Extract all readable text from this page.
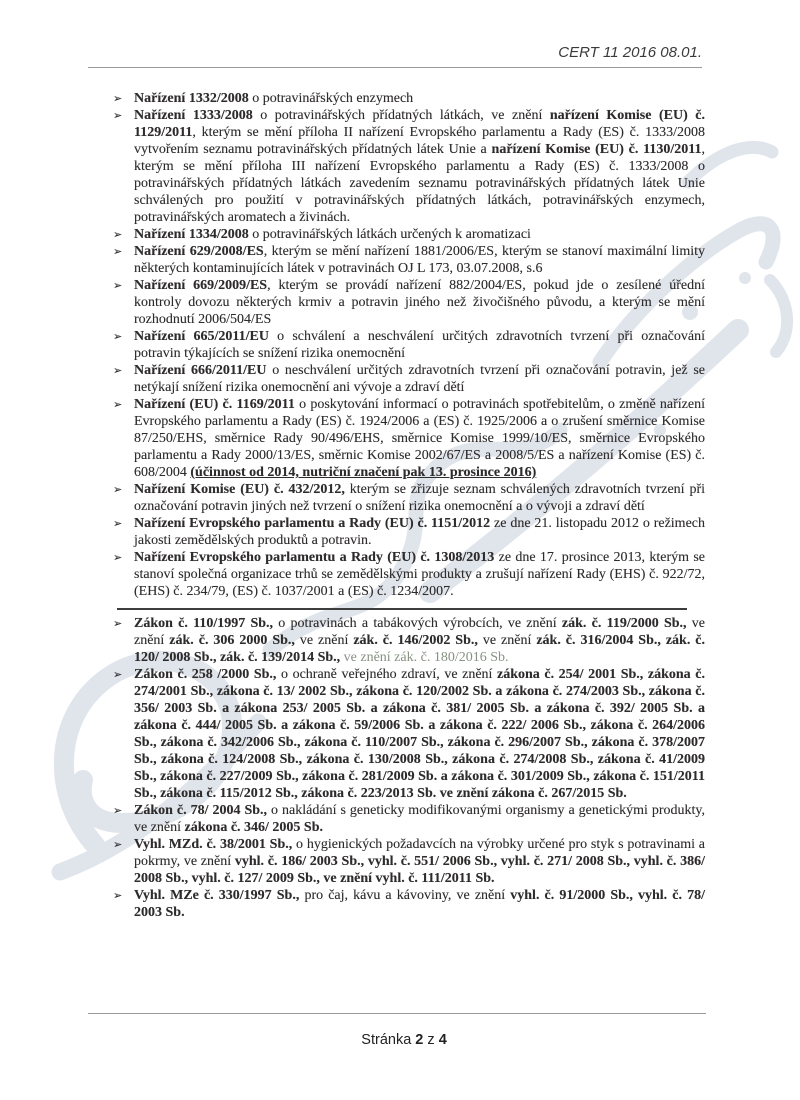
CERT 11 2016 08.01.
➢ Nařízení 1332/2008 o potravinářských enzymech
➢ Nařízení 1333/2008 o potravinářských přídatných látkách, ve znění nařízení Komise (EU) č. 1129/2011, kterým se mění příloha II nařízení Evropského parlamentu a Rady (ES) č. 1333/2008 vytvořením seznamu potravinářských přídatných látek Unie a nařízení Komise (EU) č. 1130/2011, kterým se mění příloha III nařízení Evropského parlamentu a Rady (ES) č. 1333/2008 o potravinářských přídatných látkách zavedením seznamu potravinářských přídatných látek Unie schválených pro použití v potravinářských přídatných látkách, potravinářských enzymech, potravinářských aromatech a živinách.
➢ Nařízení 1334/2008 o potravinářských látkách určených k aromatizaci
➢ Nařízení 629/2008/ES, kterým se mění nařízení 1881/2006/ES, kterým se stanoví maximální limity některých kontaminujících látek v potravinách OJ L 173, 03.07.2008, s.6
➢ Nařízení 669/2009/ES, kterým se provádí nařízení 882/2004/ES, pokud jde o zesílené úřední kontroly dovozu některých krmiv a potravin jiného než živočišného původu, a kterým se mění rozhodnutí 2006/504/ES
➢ Nařízení 665/2011/EU o schválení a neschválení určitých zdravotních tvrzení při označování potravin týkajících se snížení rizika onemocnění
➢ Nařízení 666/2011/EU o neschválení určitých zdravotních tvrzení při označování potravin, jež se netýkají snížení rizika onemocnění ani vývoje a zdraví dětí
➢ Nařízení (EU) č. 1169/2011 o poskytování informací o potravinách spotřebitelům, o změně nařízení Evropského parlamentu a Rady (ES) č. 1924/2006 a (ES) č. 1925/2006 a o zrušení směrnice Komise 87/250/EHS, směrnice Rady 90/496/EHS, směrnice Komise 1999/10/ES, směrnice Evropského parlamentu a Rady 2000/13/ES, směrnic Komise 2002/67/ES a 2008/5/ES a nařízení Komise (ES) č. 608/2004 (účinnost od 2014, nutriční značení pak 13. prosince 2016)
➢ Nařízení Komise (EU) č. 432/2012, kterým se zřizuje seznam schválených zdravotních tvrzení při označování potravin jiných než tvrzení o snížení rizika onemocnění a o vývoji a zdraví dětí
➢ Nařízení Evropského parlamentu a Rady (EU) č. 1151/2012 ze dne 21. listopadu 2012 o režimech jakosti zemědělských produktů a potravin.
➢ Nařízení Evropského parlamentu a Rady (EU) č. 1308/2013 ze dne 17. prosince 2013, kterým se stanoví společná organizace trhů se zemědělskými produkty a zrušují nařízení Rady (EHS) č. 922/72, (EHS) č. 234/79, (ES) č. 1037/2001 a (ES) č. 1234/2007.
➢ Zákon č. 110/1997 Sb., o potravinách a tabákových výrobcích, ve znění zák. č. 119/2000 Sb., ve znění zák. č. 306 2000 Sb., ve znění zák. č. 146/2002 Sb., ve znění zák. č. 316/2004 Sb., zák. č. 120/ 2008 Sb., zák. č. 139/2014 Sb., ve znění zák. č. 180/2016 Sb.
➢ Zákon č. 258 /2000 Sb., o ochraně veřejného zdraví, ve znění zákona č. 254/ 2001 Sb., zákona č. 274/2001 Sb., zákona č. 13/ 2002 Sb., zákona č. 120/2002 Sb. a zákona č. 274/2003 Sb., zákona č. 356/ 2003 Sb. a zákona 253/ 2005 Sb. a zákona č. 381/ 2005 Sb. a zákona č. 392/ 2005 Sb. a zákona č. 444/ 2005 Sb. a zákona č. 59/2006 Sb. a zákona č. 222/ 2006 Sb., zákona č. 264/2006 Sb., zákona č. 342/2006 Sb., zákona č. 110/2007 Sb., zákona č. 296/2007 Sb., zákona č. 378/2007 Sb., zákona č. 124/2008 Sb., zákona č. 130/2008 Sb., zákona č. 274/2008 Sb., zákona č. 41/2009 Sb., zákona č. 227/2009 Sb., zákona č. 281/2009 Sb. a zákona č. 301/2009 Sb., zákona č. 151/2011 Sb., zákona č. 115/2012 Sb., zákona č. 223/2013 Sb. ve znění zákona č. 267/2015 Sb.
➢ Zákon č. 78/ 2004 Sb., o nakládání s geneticky modifikovanými organismy a genetickými produkty, ve znění zákona č. 346/ 2005 Sb.
➢ Vyhl. MZd. č. 38/2001 Sb., o hygienických požadavcích na výrobky určené pro styk s potravinami a pokrmy, ve znění vyhl. č. 186/ 2003 Sb., vyhl. č. 551/ 2006 Sb., vyhl. č. 271/ 2008 Sb., vyhl. č. 386/ 2008 Sb., vyhl. č. 127/ 2009 Sb., ve znění vyhl. č. 111/2011 Sb.
➢ Vyhl. MZe č. 330/1997 Sb., pro čaj, kávu a kávoviny, ve znění vyhl. č. 91/2000 Sb., vyhl. č. 78/ 2003 Sb.

Stránka 2 z 4
